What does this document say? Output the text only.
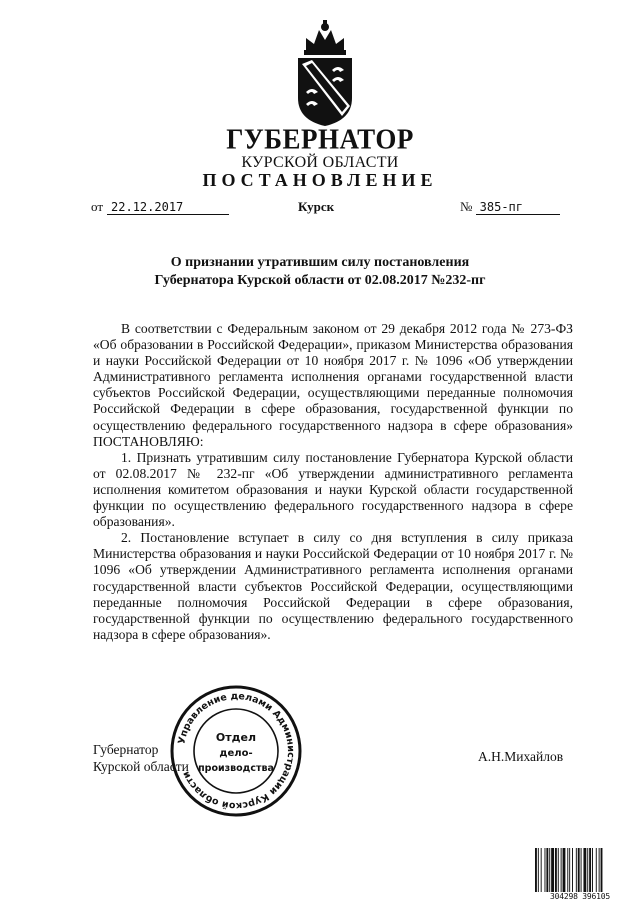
ГУБЕРНАТОР
КУРСКОЙ ОБЛАСТИ
ПОСТАНОВЛЕНИЕ
от 22.12.2017	Курск	№ 385-пг
О признании утратившим силу постановления
Губернатора Курской области от 02.08.2017 №232-пг

В соответствии с Федеральным законом от 29 декабря 2012 года № 273-ФЗ «Об образовании в Российской Федерации», приказом Министерства образования и науки Российской Федерации от 10 ноября 2017 г. № 1096 «Об утверждении Административного регламента исполнения органами государственной власти субъектов Российской Федерации, осуществляющими переданные полномочия Российской Федерации в сфере образования, государственной функции по осуществлению федерального государственного надзора в сфере образования» ПОСТАНОВЛЯЮ:

1. Признать утратившим силу постановление Губернатора Курской области от 02.08.2017 № 232-пг «Об утверждении административного регламента исполнения комитетом образования и науки Курской области государственной функции по осуществлению федерального государственного надзора в сфере образования».

2. Постановление вступает в силу со дня вступления в силу приказа Министерства образования и науки Российской Федерации от 10 ноября 2017 г. № 1096 «Об утверждении Административного регламента исполнения органами государственной власти субъектов Российской Федерации, осуществляющими переданные полномочия Российской Федерации в сфере образования, государственной функции по осуществлению федерального государственного надзора в сфере образования».

Губернатор
Курской области
А.Н.Михайлов
Управление делами Администрации Курской области
Отдел
дело-
производства
304298 396105
